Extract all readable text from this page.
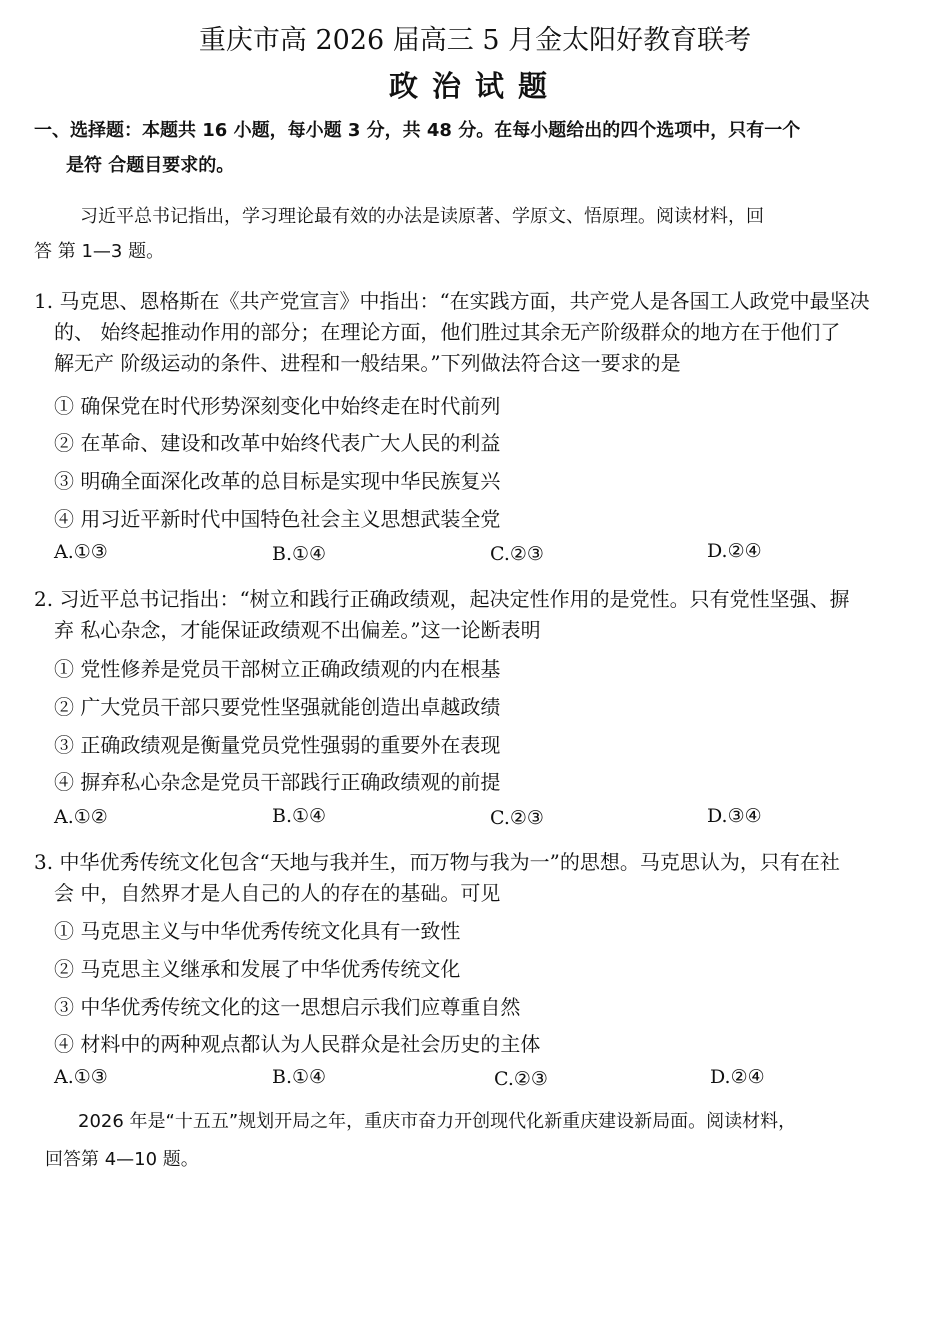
重庆市高 2026 届高三 5 月金太阳好教育联考
政治试题
一、选择题：本题共 16 小题，每小题 3 分，共 48 分。在每小题给出的四个选项中，只有一个
是符 合题目要求的。
习近平总书记指出，学习理论最有效的办法是读原著、学原文、悟原理。阅读材料，回
答 第 1—3 题。
1. 马克思、恩格斯在《共产党宣言》中指出：“在实践方面，共产党人是各国工人政党中最坚决
的、 始终起推动作用的部分；在理论方面，他们胜过其余无产阶级群众的地方在于他们了
解无产 阶级运动的条件、进程和一般结果。”下列做法符合这一要求的是
① 确保党在时代形势深刻变化中始终走在时代前列
② 在革命、建设和改革中始终代表广大人民的利益
③ 明确全面深化改革的总目标是实现中华民族复兴
④ 用习近平新时代中国特色社会主义思想武装全党
A.①③	B.①④	C.②③	D.②④
2. 习近平总书记指出：“树立和践行正确政绩观，起决定性作用的是党性。只有党性坚强、摒
弃 私心杂念，才能保证政绩观不出偏差。”这一论断表明
① 党性修养是党员干部树立正确政绩观的内在根基
② 广大党员干部只要党性坚强就能创造出卓越政绩
③ 正确政绩观是衡量党员党性强弱的重要外在表现
④ 摒弃私心杂念是党员干部践行正确政绩观的前提
A.①②	B.①④	C.②③	D.③④
3. 中华优秀传统文化包含“天地与我并生，而万物与我为一”的思想。马克思认为，只有在社
会 中，自然界才是人自己的人的存在的基础。可见
① 马克思主义与中华优秀传统文化具有一致性
② 马克思主义继承和发展了中华优秀传统文化
③ 中华优秀传统文化的这一思想启示我们应尊重自然
④ 材料中的两种观点都认为人民群众是社会历史的主体
A.①③	B.①④	C.②③	D.②④
2026 年是“十五五”规划开局之年，重庆市奋力开创现代化新重庆建设新局面。阅读材料，
回答第 4—10 题。
